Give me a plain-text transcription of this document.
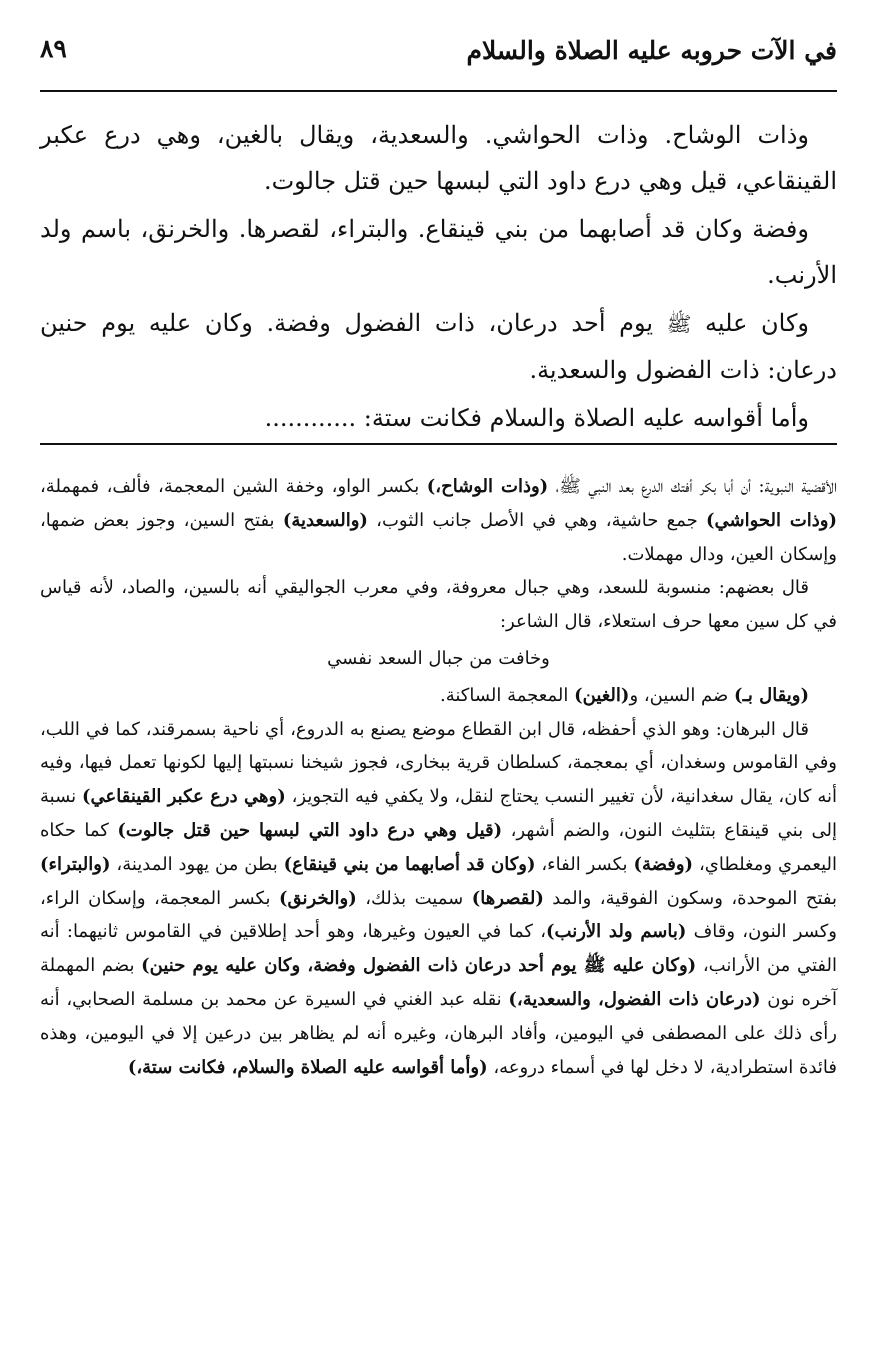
في الآت حروبه عليه الصلاة والسلام
٨٩

وذات الوشاح. وذات الحواشي. والسعدية، ويقال بالغين، وهي درع عكبر القينقاعي، قيل وهي درع داود التي لبسها حين قتل جالوت.

وفضة وكان قد أصابهما من بني قينقاع. والبتراء، لقصرها. والخرنق، باسم ولد الأرنب.

وكان عليه ﷺ يوم أحد درعان، ذات الفضول وفضة. وكان عليه يوم حنين درعان: ذات الفضول والسعدية.

وأما أقواسه عليه الصلاة والسلام فكانت ستة: ............

الأقضية النبوية: أن أبا بكر أفتك الدرع بعد النبي ﷺ، (وذات الوشاح،) بكسر الواو، وخفة الشين المعجمة، فألف، فمهملة، (وذات الحواشي) جمع حاشية، وهي في الأصل جانب الثوب، (والسعدية) بفتح السين، وجوز بعض ضمها، وإسكان العين، ودال مهملات.

قال بعضهم: منسوبة للسعد، وهي جبال معروفة، وفي معرب الجواليقي أنه بالسين، والصاد، لأنه قياس في كل سين معها حرف استعلاء، قال الشاعر:

وخافت من جبال السعد نفسي

(ويقال بـ) ضم السين، و(الغين) المعجمة الساكنة.

قال البرهان: وهو الذي أحفظه، قال ابن القطاع موضع يصنع به الدروع، أي ناحية بسمرقند، كما في اللب، وفي القاموس وسغدان، أي بمعجمة، كسلطان قرية ببخارى، فجوز شيخنا نسبتها إليها لكونها تعمل فيها، وفيه أنه كان، يقال سغدانية، لأن تغيير النسب يحتاج لنقل، ولا يكفي فيه التجويز، (وهي درع عكبر القينقاعي) نسبة إلى بني قينقاع بتثليث النون، والضم أشهر، (قيل وهي درع داود التي لبسها حين قتل جالوت) كما حكاه اليعمري ومغلطاي، (وفضة) بكسر الفاء، (وكان قد أصابهما من بني قينقاع) بطن من يهود المدينة، (والبتراء) بفتح الموحدة، وسكون الفوقية، والمد (لقصرها) سميت بذلك، (والخرنق) بكسر المعجمة، وإسكان الراء، وكسر النون، وقاف (باسم ولد الأرنب)، كما في العيون وغيرها، وهو أحد إطلاقين في القاموس ثانيهما: أنه الفتي من الأرانب، (وكان عليه ﷺ يوم أحد درعان ذات الفضول وفضة، وكان عليه يوم حنين) بضم المهملة آخره نون (درعان ذات الفضول، والسعدية،) نقله عبد الغني في السيرة عن محمد بن مسلمة الصحابي، أنه رأى ذلك على المصطفى في اليومين، وأفاد البرهان، وغيره أنه لم يظاهر بين درعين إلا في اليومين، وهذه فائدة استطرادية، لا دخل لها في أسماء دروعه، (وأما أقواسه عليه الصلاة والسلام، فكانت ستة،)
